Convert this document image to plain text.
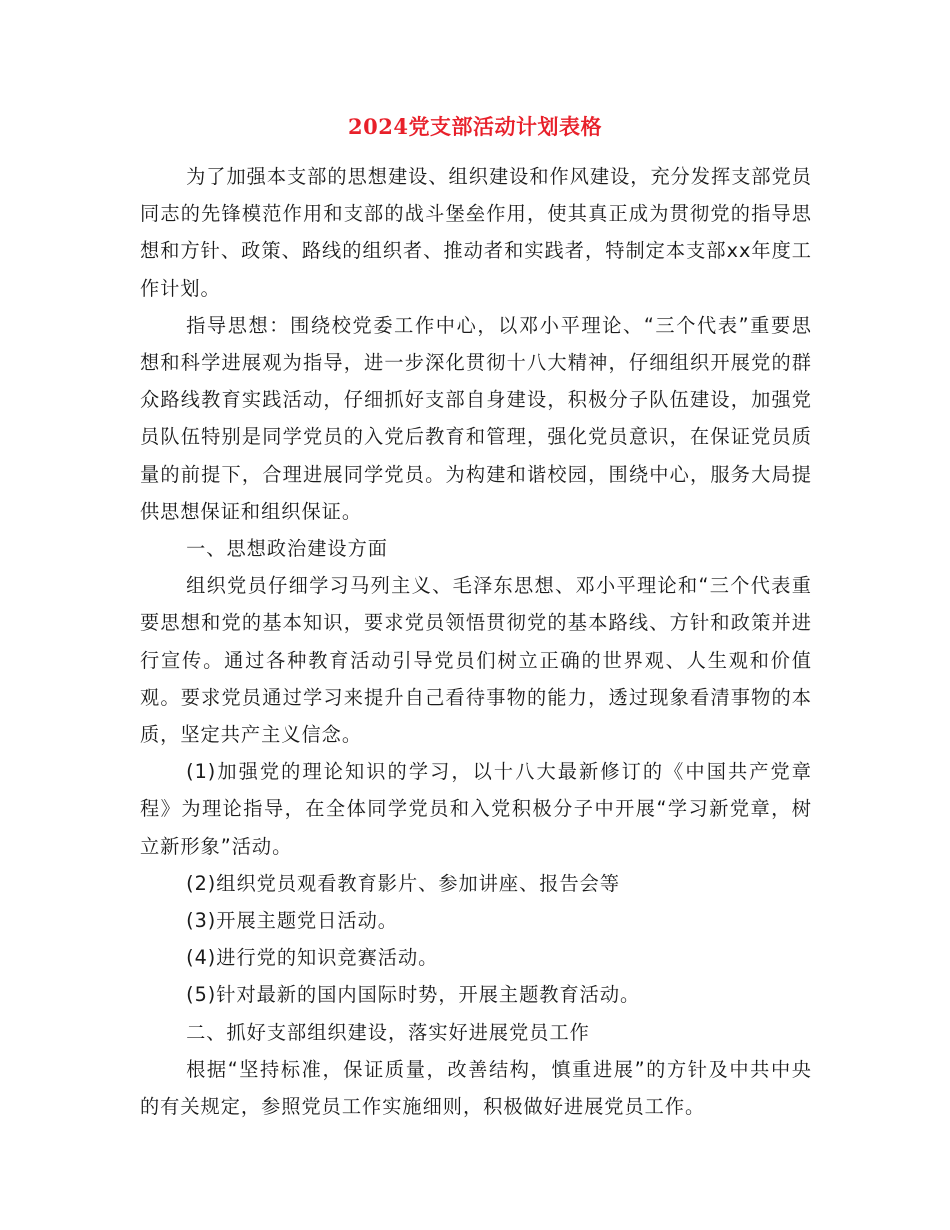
2024党支部活动计划表格

为了加强本支部的思想建设、组织建设和作风建设，充分发挥支部党员同志的先锋模范作用和支部的战斗堡垒作用，使其真正成为贯彻党的指导思想和方针、政策、路线的组织者、推动者和实践者，特制定本支部xx年度工作计划。

指导思想：围绕校党委工作中心，以邓小平理论、“三个代表”重要思想和科学进展观为指导，进一步深化贯彻十八大精神，仔细组织开展党的群众路线教育实践活动，仔细抓好支部自身建设，积极分子队伍建设，加强党员队伍特别是同学党员的入党后教育和管理，强化党员意识，在保证党员质量的前提下，合理进展同学党员。为构建和谐校园，围绕中心，服务大局提供思想保证和组织保证。

一、思想政治建设方面

组织党员仔细学习马列主义、毛泽东思想、邓小平理论和“三个代表重要思想和党的基本知识，要求党员领悟贯彻党的基本路线、方针和政策并进行宣传。通过各种教育活动引导党员们树立正确的世界观、人生观和价值观。要求党员通过学习来提升自己看待事物的能力，透过现象看清事物的本质，坚定共产主义信念。

(1)加强党的理论知识的学习，以十八大最新修订的《中国共产党章程》为理论指导，在全体同学党员和入党积极分子中开展“学习新党章，树立新形象”活动。

(2)组织党员观看教育影片、参加讲座、报告会等

(3)开展主题党日活动。

(4)进行党的知识竞赛活动。

(5)针对最新的国内国际时势，开展主题教育活动。

二、抓好支部组织建设，落实好进展党员工作

根据“坚持标准，保证质量，改善结构，慎重进展”的方针及中共中央的有关规定，参照党员工作实施细则，积极做好进展党员工作。
